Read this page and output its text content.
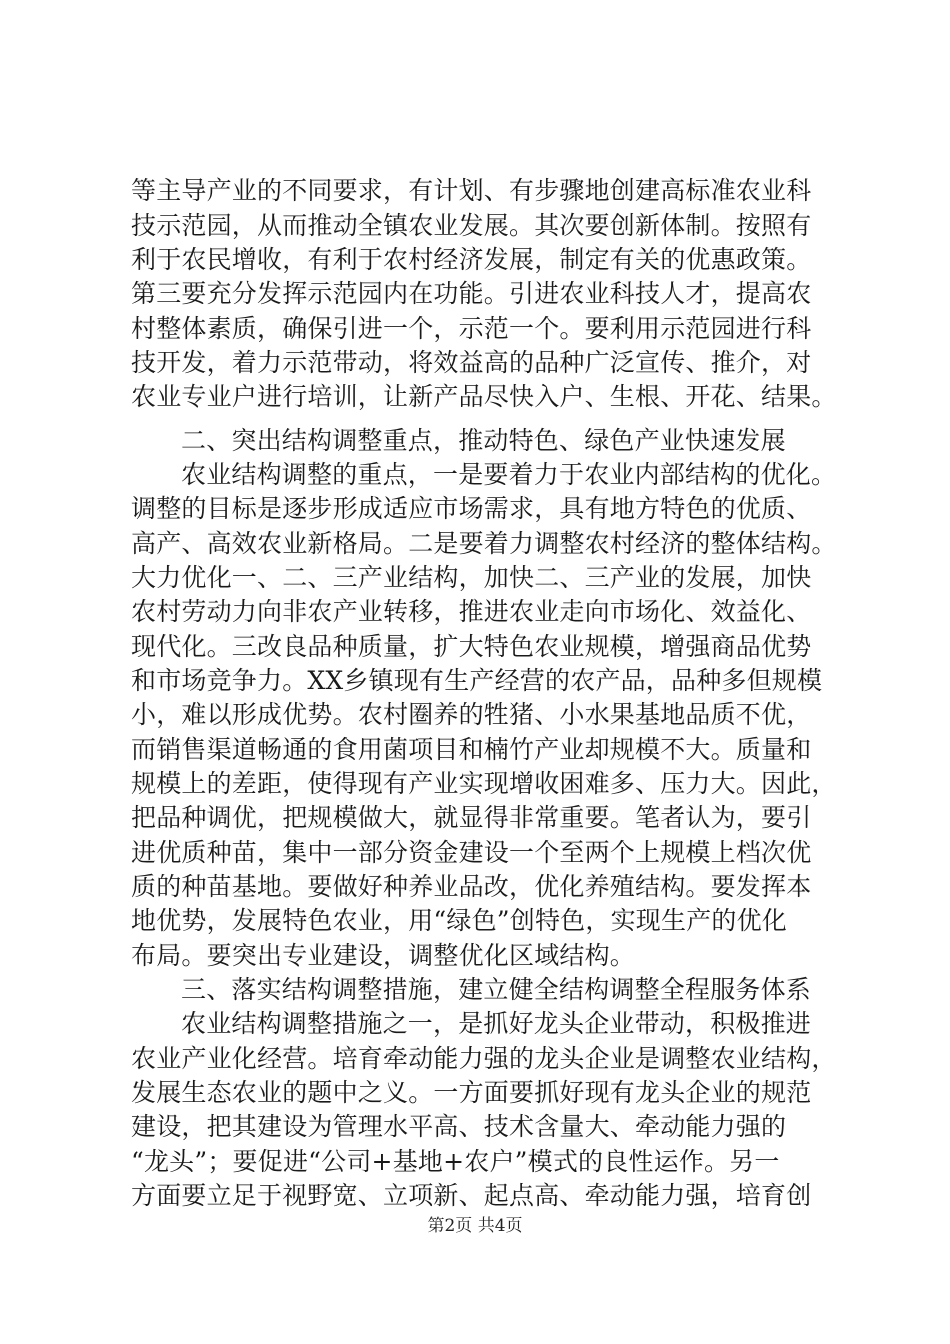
等主导产业的不同要求，有计划、有步骤地创建高标准农业科
技示范园，从而推动全镇农业发展。其次要创新体制。按照有
利于农民增收，有利于农村经济发展，制定有关的优惠政策。
第三要充分发挥示范园内在功能。引进农业科技人才，提高农
村整体素质，确保引进一个，示范一个。要利用示范园进行科
技开发，着力示范带动，将效益高的品种广泛宣传、推介，对
农业专业户进行培训，让新产品尽快入户、生根、开花、结果。
二、突出结构调整重点，推动特色、绿色产业快速发展
农业结构调整的重点，一是要着力于农业内部结构的优化。
调整的目标是逐步形成适应市场需求，具有地方特色的优质、
高产、高效农业新格局。二是要着力调整农村经济的整体结构。
大力优化一、二、三产业结构，加快二、三产业的发展，加快
农村劳动力向非农产业转移，推进农业走向市场化、效益化、
现代化。三改良品种质量，扩大特色农业规模，增强商品优势
和市场竞争力。XX乡镇现有生产经营的农产品，品种多但规模
小，难以形成优势。农村圈养的牲猪、小水果基地品质不优，
而销售渠道畅通的食用菌项目和楠竹产业却规模不大。质量和
规模上的差距，使得现有产业实现增收困难多、压力大。因此，
把品种调优，把规模做大，就显得非常重要。笔者认为，要引
进优质种苗，集中一部分资金建设一个至两个上规模上档次优
质的种苗基地。要做好种养业品改，优化养殖结构。要发挥本
地优势，发展特色农业，用“绿色”创特色，实现生产的优化
布局。要突出专业建设，调整优化区域结构。
三、落实结构调整措施，建立健全结构调整全程服务体系
农业结构调整措施之一，是抓好龙头企业带动，积极推进
农业产业化经营。培育牵动能力强的龙头企业是调整农业结构，
发展生态农业的题中之义。一方面要抓好现有龙头企业的规范
建设，把其建设为管理水平高、技术含量大、牵动能力强的
“龙头”；要促进“公司+基地+农户”模式的良性运作。另一
方面要立足于视野宽、立项新、起点高、牵动能力强，培育创
第2页 共4页
